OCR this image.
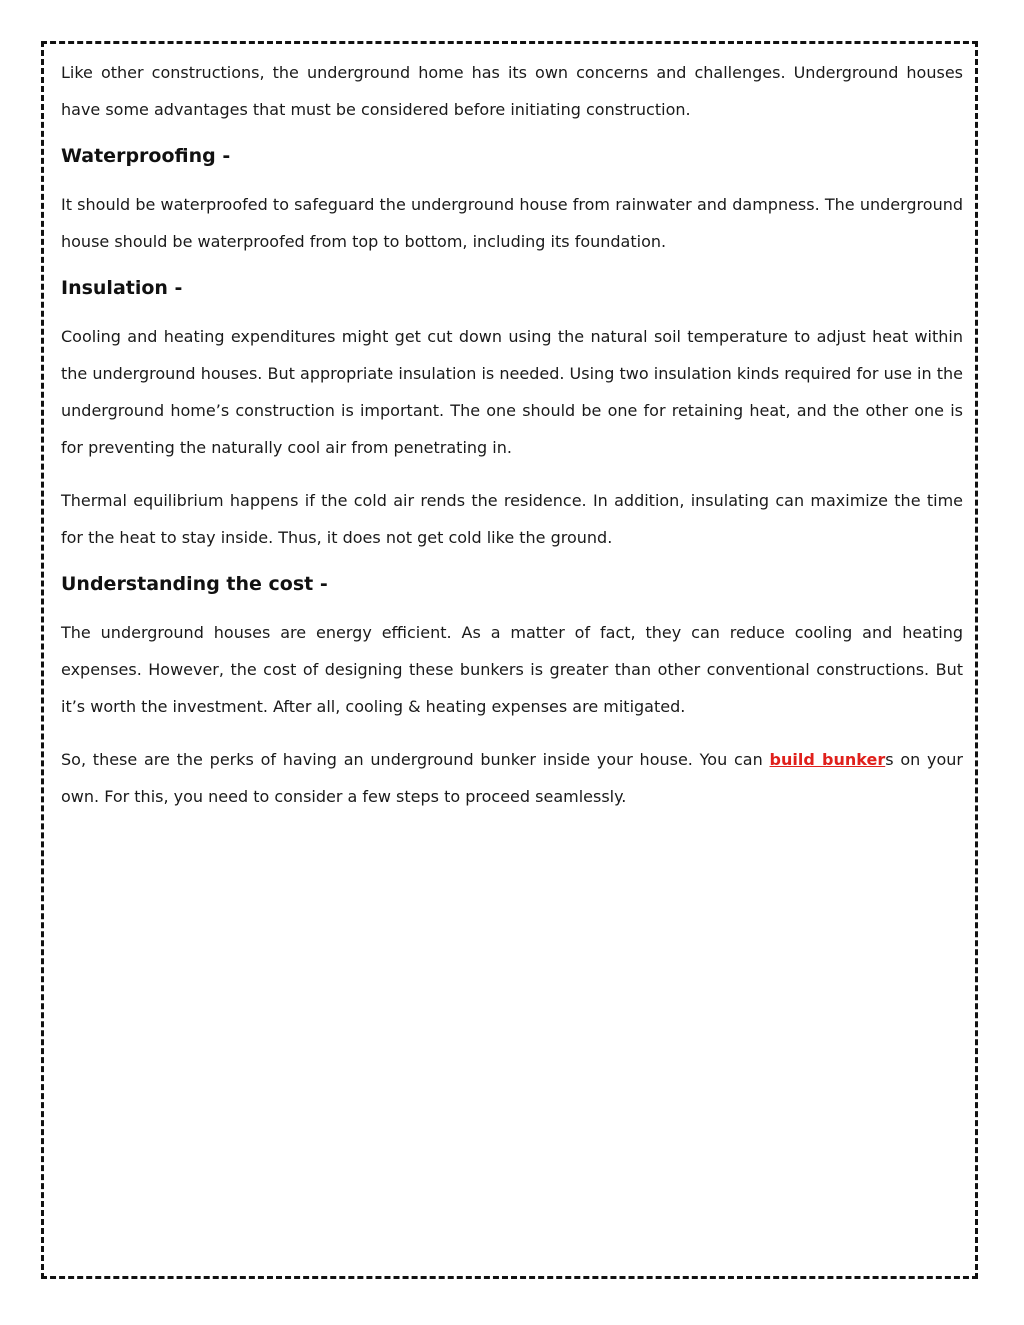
Like other constructions, the underground home has its own concerns and challenges. Underground houses have some advantages that must be considered before initiating construction.

Waterproofing -

It should be waterproofed to safeguard the underground house from rainwater and dampness. The underground house should be waterproofed from top to bottom, including its foundation.

Insulation -

Cooling and heating expenditures might get cut down using the natural soil temperature to adjust heat within the underground houses. But appropriate insulation is needed. Using two insulation kinds required for use in the underground home’s construction is important. The one should be one for retaining heat, and the other one is for preventing the naturally cool air from penetrating in.

Thermal equilibrium happens if the cold air rends the residence. In addition, insulating can maximize the time for the heat to stay inside. Thus, it does not get cold like the ground.

Understanding the cost -

The underground houses are energy efficient. As a matter of fact, they can reduce cooling and heating expenses. However, the cost of designing these bunkers is greater than other conventional constructions. But it’s worth the investment. After all, cooling & heating expenses are mitigated.

So, these are the perks of having an underground bunker inside your house. You can build bunkers on your own. For this, you need to consider a few steps to proceed seamlessly.
